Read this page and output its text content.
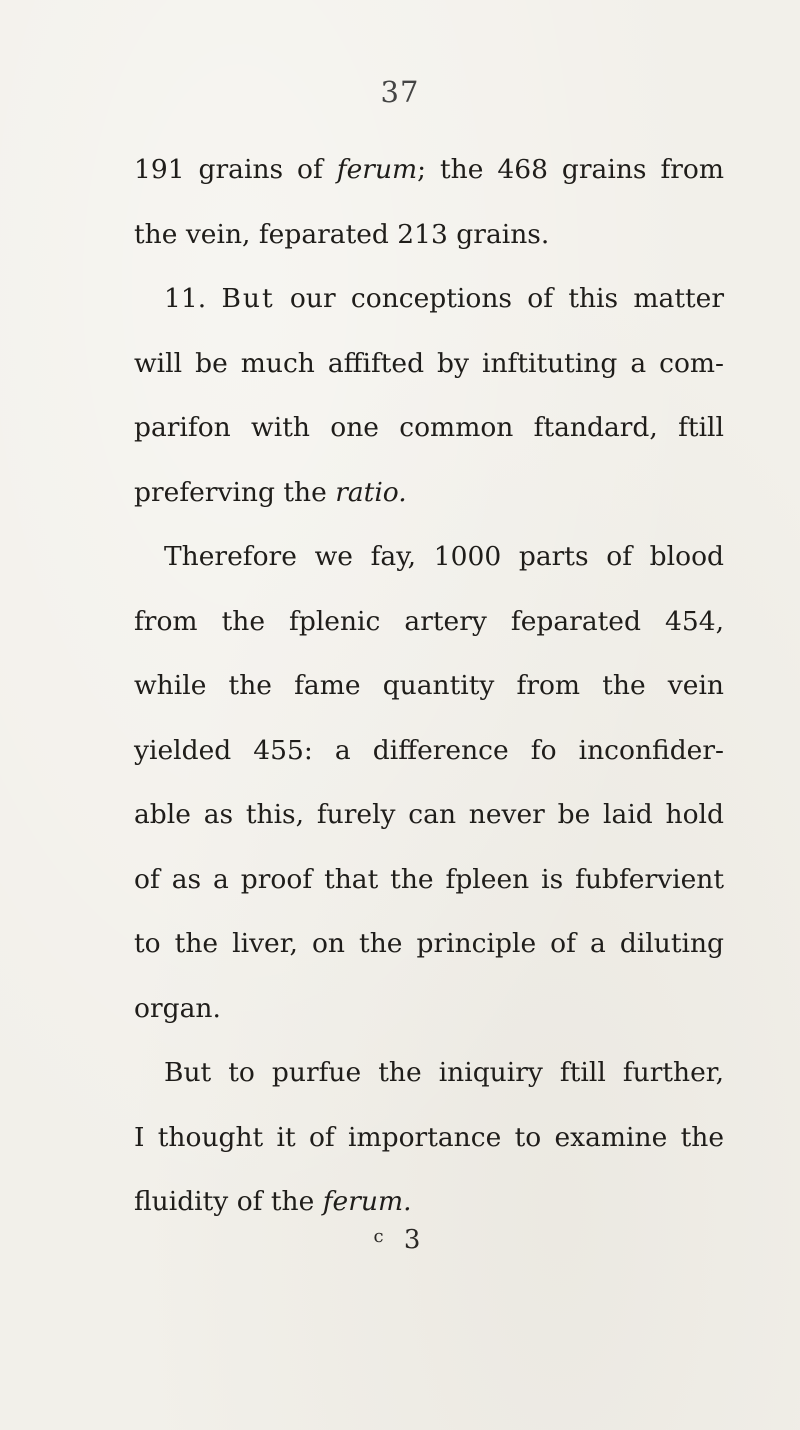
37
191 grains of ferum; the 468 grains from
the vein, feparated 213 grains.
11. But our conceptions of this matter
will be much affifted by inftituting a com-
parifon with one common ftandard, ftill
preferving the ratio.
Therefore we fay, 1000 parts of blood
from the fplenic artery feparated 454,
while the fame quantity from the vein
yielded 455: a difference fo inconfider-
able as this, furely can never be laid hold
of as a proof that the fpleen is fubfervient
to the liver, on the principle of a diluting
organ.
But to purfue the iniquiry ftill further,
I thought it of importance to examine the
fluidity of the ferum.
$^c$ 3
